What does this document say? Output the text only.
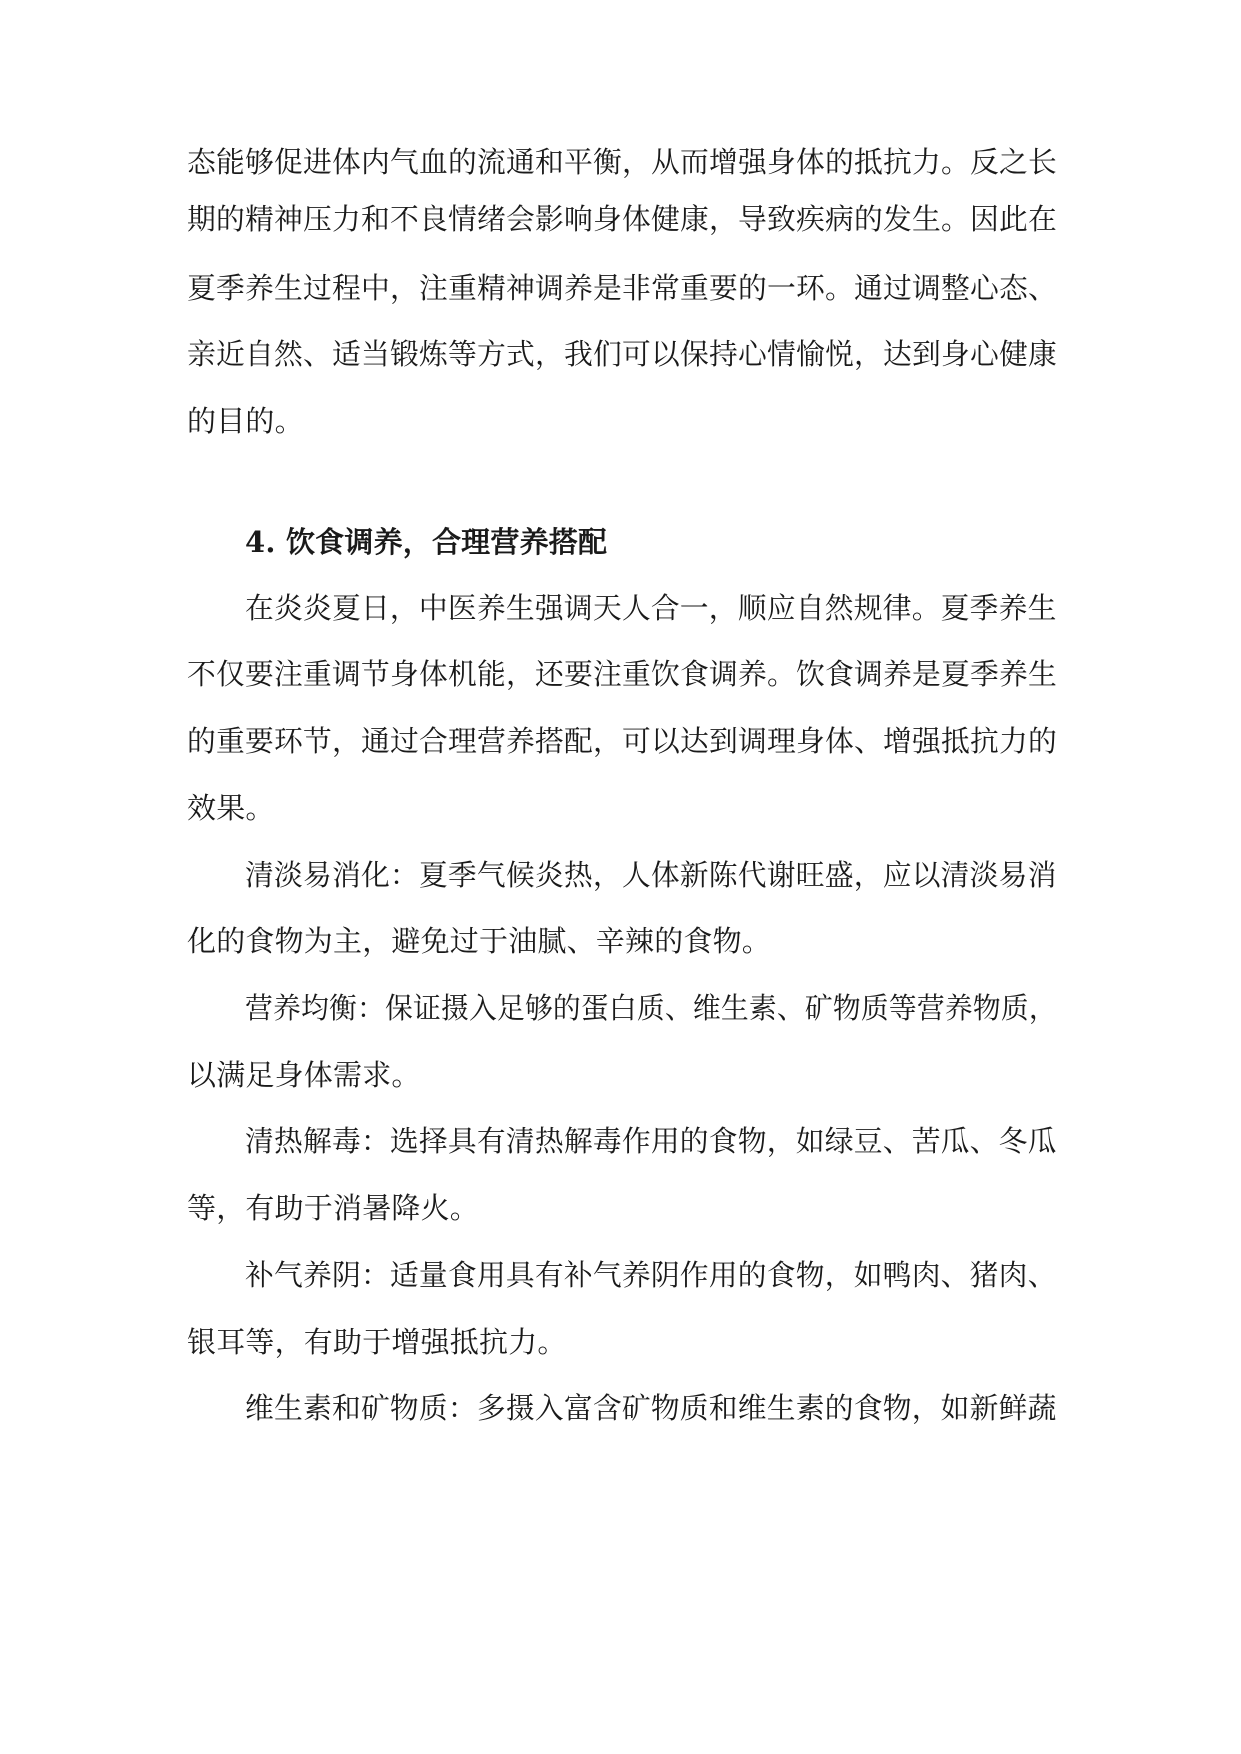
态能够促进体内气血的流通和平衡，从而增强身体的抵抗力。反之长
期的精神压力和不良情绪会影响身体健康，导致疾病的发生。因此在
夏季养生过程中，注重精神调养是非常重要的一环。通过调整心态、
亲近自然、适当锻炼等方式，我们可以保持心情愉悦，达到身心健康
的目的。
4. 饮食调养，合理营养搭配
在炎炎夏日，中医养生强调天人合一，顺应自然规律。夏季养生
不仅要注重调节身体机能，还要注重饮食调养。饮食调养是夏季养生
的重要环节，通过合理营养搭配，可以达到调理身体、增强抵抗力的
效果。
清淡易消化：夏季气候炎热，人体新陈代谢旺盛，应以清淡易消
化的食物为主，避免过于油腻、辛辣的食物。
营养均衡：保证摄入足够的蛋白质、维生素、矿物质等营养物质，
以满足身体需求。
清热解毒：选择具有清热解毒作用的食物，如绿豆、苦瓜、冬瓜
等，有助于消暑降火。
补气养阴：适量食用具有补气养阴作用的食物，如鸭肉、猪肉、
银耳等，有助于增强抵抗力。
维生素和矿物质：多摄入富含矿物质和维生素的食物，如新鲜蔬
